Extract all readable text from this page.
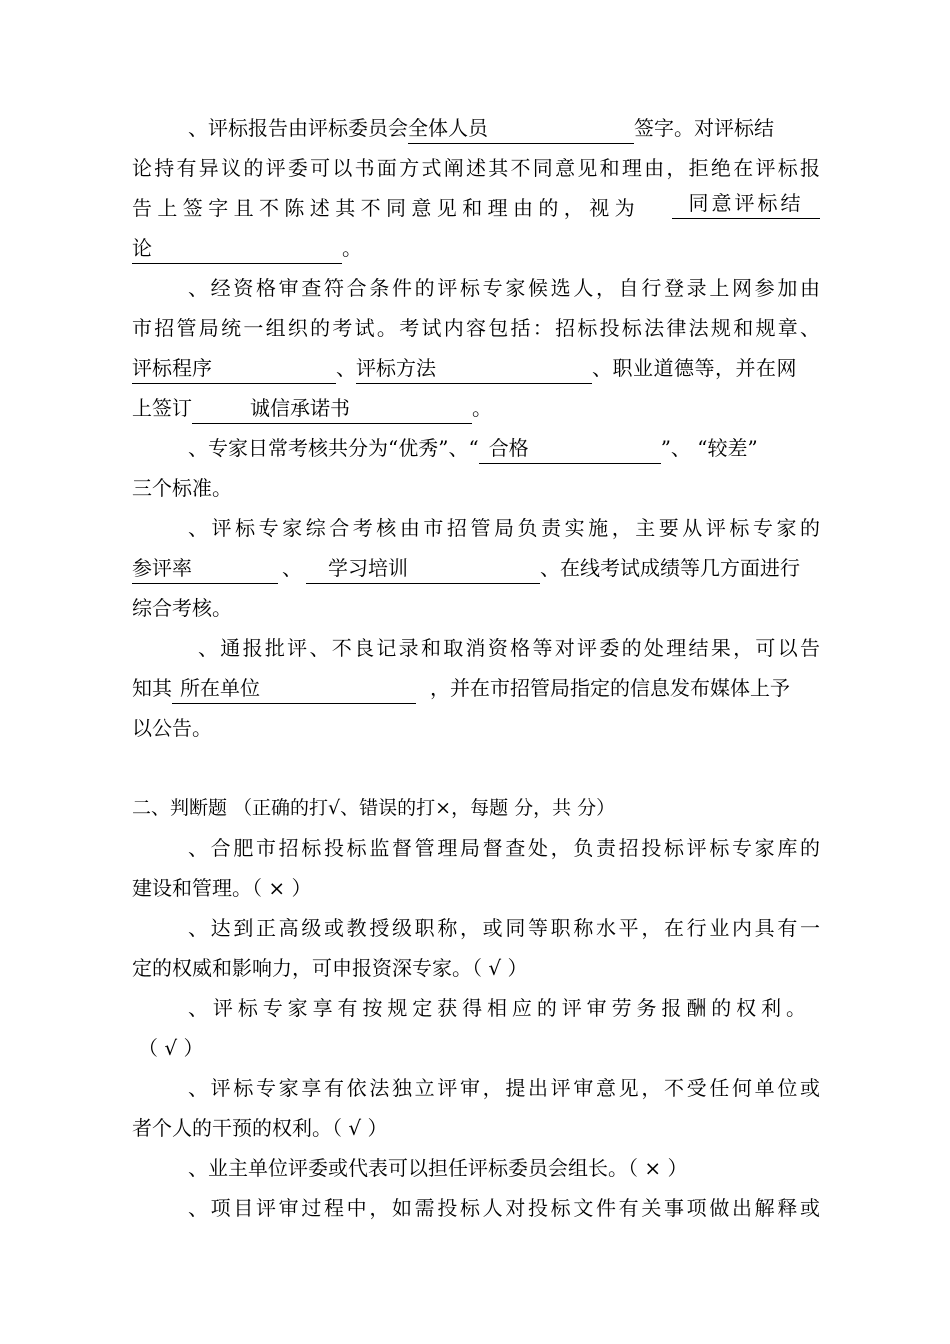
、评标报告由评标委员会全体人员	签字。对评标结
论持有异议的评委可以书面方式阐述其不同意见和理由，拒绝在评标报
告上签字且不陈述其不同意见和理由的，视为	同意评标结
论	。
、经资格审查符合条件的评标专家候选人，自行登录上网参加由
市招管局统一组织的考试。考试内容包括：招标投标法律法规和规章、
评标程序	、评标方法	、职业道德等，并在网
上签订	诚信承诺书	。
、专家日常考核共分为“优秀”、“ 合格	”、 “较差”
三个标准。
、评标专家综合考核由市招管局负责实施，主要从评标专家的
参评率	、 学习培训	、在线考试成绩等几方面进行
综合考核。
、通报批评、不良记录和取消资格等对评委的处理结果，可以告
知其 所在单位	，并在市招管局指定的信息发布媒体上予
以公告。
二、判断题 （正确的打√、错误的打×，每题 分，共 分）
、合肥市招标投标监督管理局督查处，负责招投标评标专家库的
建设和管理。（ × ）
、达到正高级或教授级职称，或同等职称水平，在行业内具有一
定的权威和影响力，可申报资深专家。（ √ ）
、评标专家享有按规定获得相应的评审劳务报酬的权利。
（ √ ）
、评标专家享有依法独立评审，提出评审意见，不受任何单位或
者个人的干预的权利。（ √ ）
、业主单位评委或代表可以担任评标委员会组长。（ × ）
、项目评审过程中，如需投标人对投标文件有关事项做出解释或
